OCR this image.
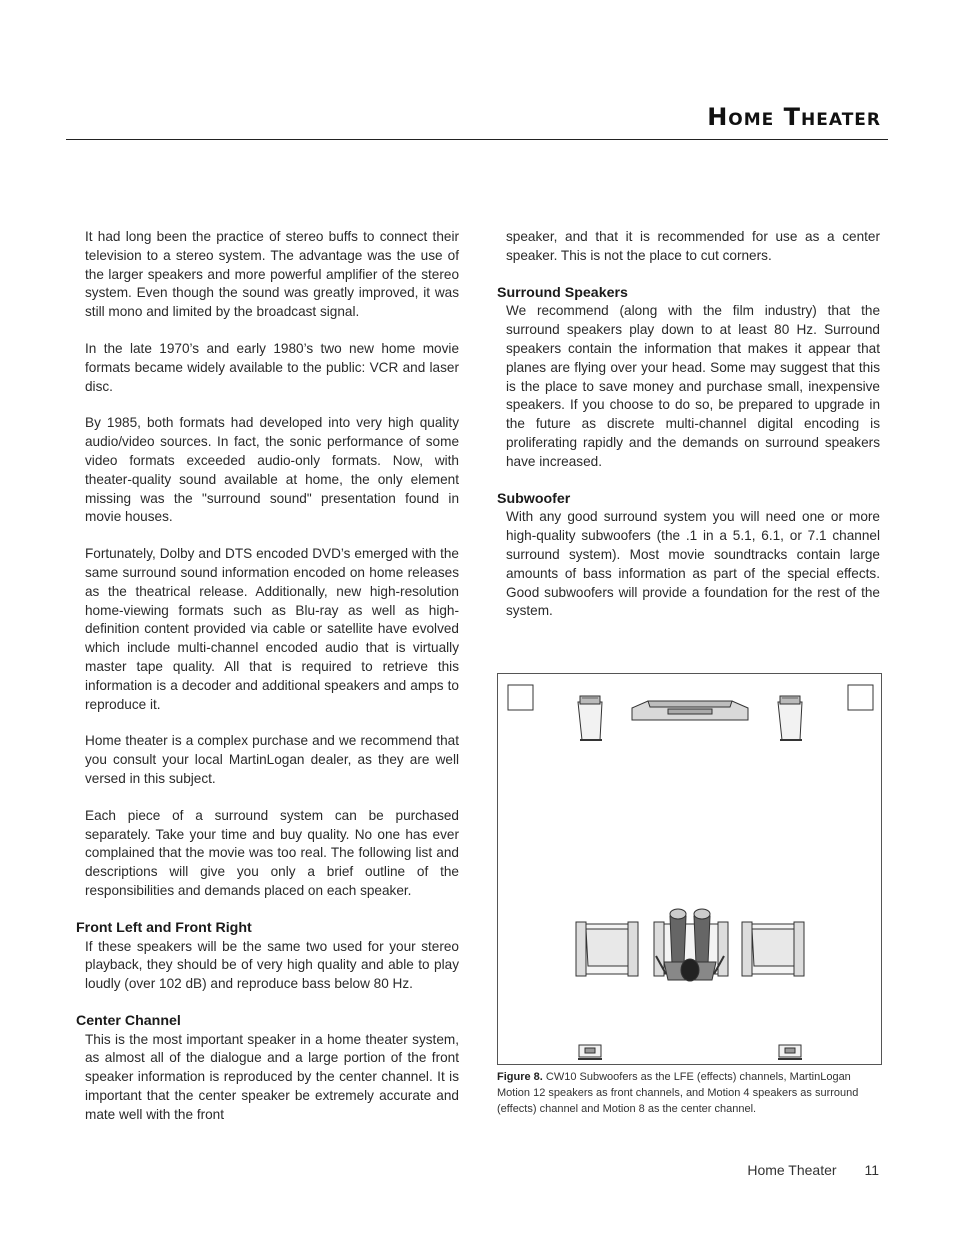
Home Theater

It had long been the practice of stereo buffs to connect their television to a stereo system. The advantage was the use of the larger speakers and more powerful amplifier of the stereo system. Even though the sound was greatly improved, it was still mono and limited by the broadcast signal.

In the late 1970’s and early 1980’s two new home movie formats became widely available to the public: VCR and laser disc.

By 1985, both formats had developed into very high quality audio/video sources. In fact, the sonic performance of some video formats exceeded audio-only formats. Now, with theater-quality sound available at home, the only element missing was the "surround sound" presentation found in movie houses.

Fortunately, Dolby and DTS encoded DVD’s emerged with the same surround sound information encoded on home releases as the theatrical release. Additionally, new high-resolution home-viewing formats such as Blu-ray as well as high-definition content provided via cable or satellite have evolved which include multi-channel encoded audio that is virtually master tape quality. All that is required to retrieve this information is a decoder and additional speakers and amps to reproduce it.

Home theater is a complex purchase and we recommend that you consult your local MartinLogan dealer, as they are well versed in this subject.

Each piece of a surround system can be purchased separately. Take your time and buy quality. No one has ever complained that the movie was too real. The following list and descriptions will give you only a brief outline of the responsibilities and demands placed on each speaker.

Front Left and Front Right

If these speakers will be the same two used for your stereo playback, they should be of very high quality and able to play loudly (over 102 dB) and reproduce bass below 80 Hz.

Center Channel

This is the most important speaker in a home theater system, as almost all of the dialogue and a large portion of the front speaker information is reproduced by the center channel. It is important that the center speaker be extremely accurate and mate well with the front

speaker, and that it is recommended for use as a center speaker. This is not the place to cut corners.

Surround Speakers

We recommend (along with the film industry) that the surround speakers play down to at least 80 Hz. Surround speakers contain the information that makes it appear that planes are flying over your head. Some may suggest that this is the place to save money and purchase small, inexpensive speakers. If you choose to do so, be prepared to upgrade in the future as discrete multi-channel digital encoding is proliferating rapidly and the demands on surround speakers have increased.

Subwoofer

With any good surround system you will need one or more high-quality subwoofers (the .1 in a 5.1, 6.1, or 7.1 channel surround system). Most movie soundtracks contain large amounts of bass information as part of the special effects. Good subwoofers will provide a foundation for the rest of the system.

Figure 8. CW10 Subwoofers as the LFE (effects) channels, MartinLogan Motion 12 speakers as front channels, and Motion 4 speakers as surround (effects) channel and Motion 8 as the center channel.

Home Theater 11
